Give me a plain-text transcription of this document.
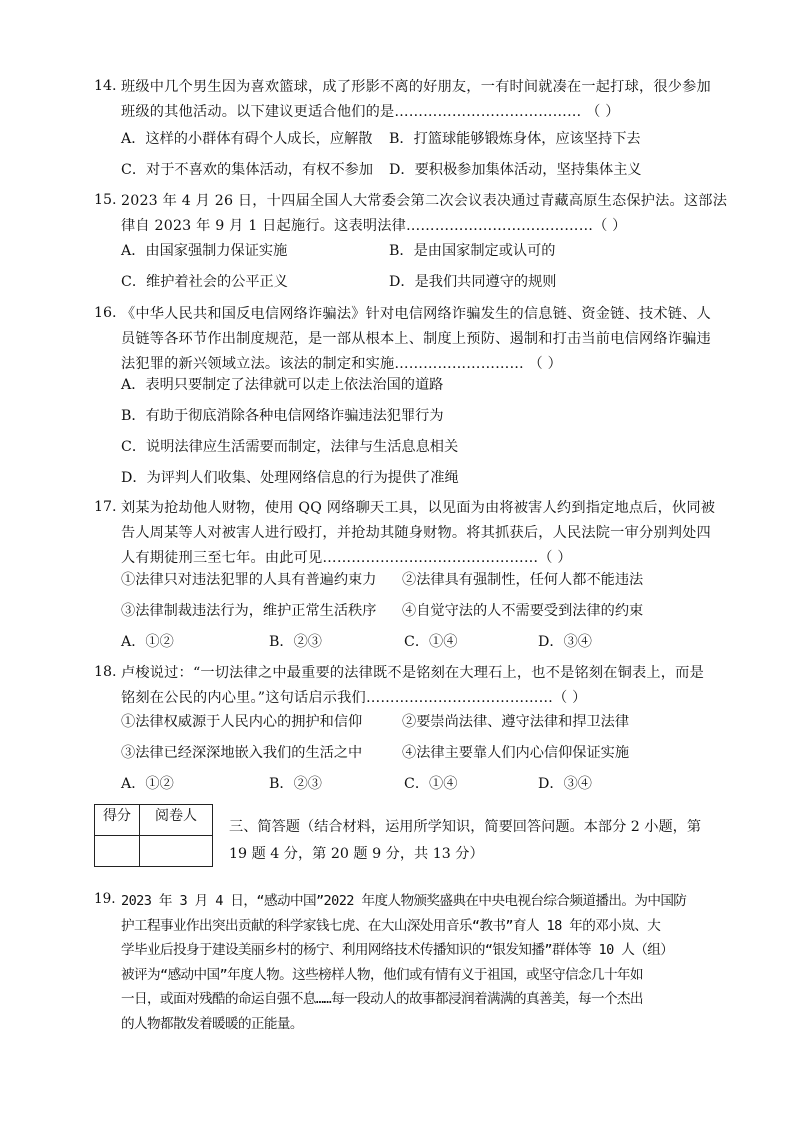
14. 班级中几个男生因为喜欢篮球，成了形影不离的好朋友，一有时间就凑在一起打球，很少参加
班级的其他活动。以下建议更适合他们的是………………………………… （ ）
A．这样的小群体有碍个人成长，应解散 B．打篮球能够锻炼身体，应该坚持下去
C．对于不喜欢的集体活动，有权不参加 D．要积极参加集体活动，坚持集体主义
15. 2023 年 4 月 26 日，十四届全国人大常委会第二次会议表决通过青藏高原生态保护法。这部法
律自 2023 年 9 月 1 日起施行。这表明法律…………………………………（ ）
A．由国家强制力保证实施	B．是由国家制定或认可的
C．维护着社会的公平正义	D．是我们共同遵守的规则
16. 《中华人民共和国反电信网络诈骗法》针对电信网络诈骗发生的信息链、资金链、技术链、人
员链等各环节作出制度规范，是一部从根本上、制度上预防、遏制和打击当前电信网络诈骗违
法犯罪的新兴领域立法。该法的制定和实施……………………… （ ）
A．表明只要制定了法律就可以走上依法治国的道路
B．有助于彻底消除各种电信网络诈骗违法犯罪行为
C．说明法律应生活需要而制定，法律与生活息息相关
D．为评判人们收集、处理网络信息的行为提供了准绳
17. 刘某为抢劫他人财物，使用 QQ 网络聊天工具，以见面为由将被害人约到指定地点后，伙同被
告人周某等人对被害人进行殴打，并抢劫其随身财物。将其抓获后，人民法院一审分别判处四
人有期徒刑三至七年。由此可见………………………………………（ ）
①法律只对违法犯罪的人具有普遍约束力 ②法律具有强制性，任何人都不能违法
③法律制裁违法行为，维护正常生活秩序 ④自觉守法的人不需要受到法律的约束
A．①②	B．②③	C．①④	D．③④
18. 卢梭说过：“一切法律之中最重要的法律既不是铭刻在大理石上，也不是铭刻在铜表上，而是
铭刻在公民的内心里。”这句话启示我们…………………………………（ ）
①法律权威源于人民内心的拥护和信仰	②要崇尚法律、遵守法律和捍卫法律
③法律已经深深地嵌入我们的生活之中	④法律主要靠人们内心信仰保证实施
A．①②	B．②③	C．①④	D．③④
得分	阅卷人

三、简答题（结合材料，运用所学知识，简要回答问题。本部分 2 小题，第
19 题 4 分，第 20 题 9 分，共 13 分）
19. 2023 年 3 月 4 日，“感动中国”2022 年度人物颁奖盛典在中央电视台综合频道播出。为中国防
护工程事业作出突出贡献的科学家钱七虎、在大山深处用音乐“教书”育人 18 年的邓小岚、大
学毕业后投身于建设美丽乡村的杨宁、利用网络技术传播知识的“银发知播”群体等 10 人（组）
被评为“感动中国”年度人物。这些榜样人物，他们或有情有义于祖国，或坚守信念几十年如
一日，或面对残酷的命运自强不息……每一段动人的故事都浸润着满满的真善美，每一个杰出
的人物都散发着暖暖的正能量。
